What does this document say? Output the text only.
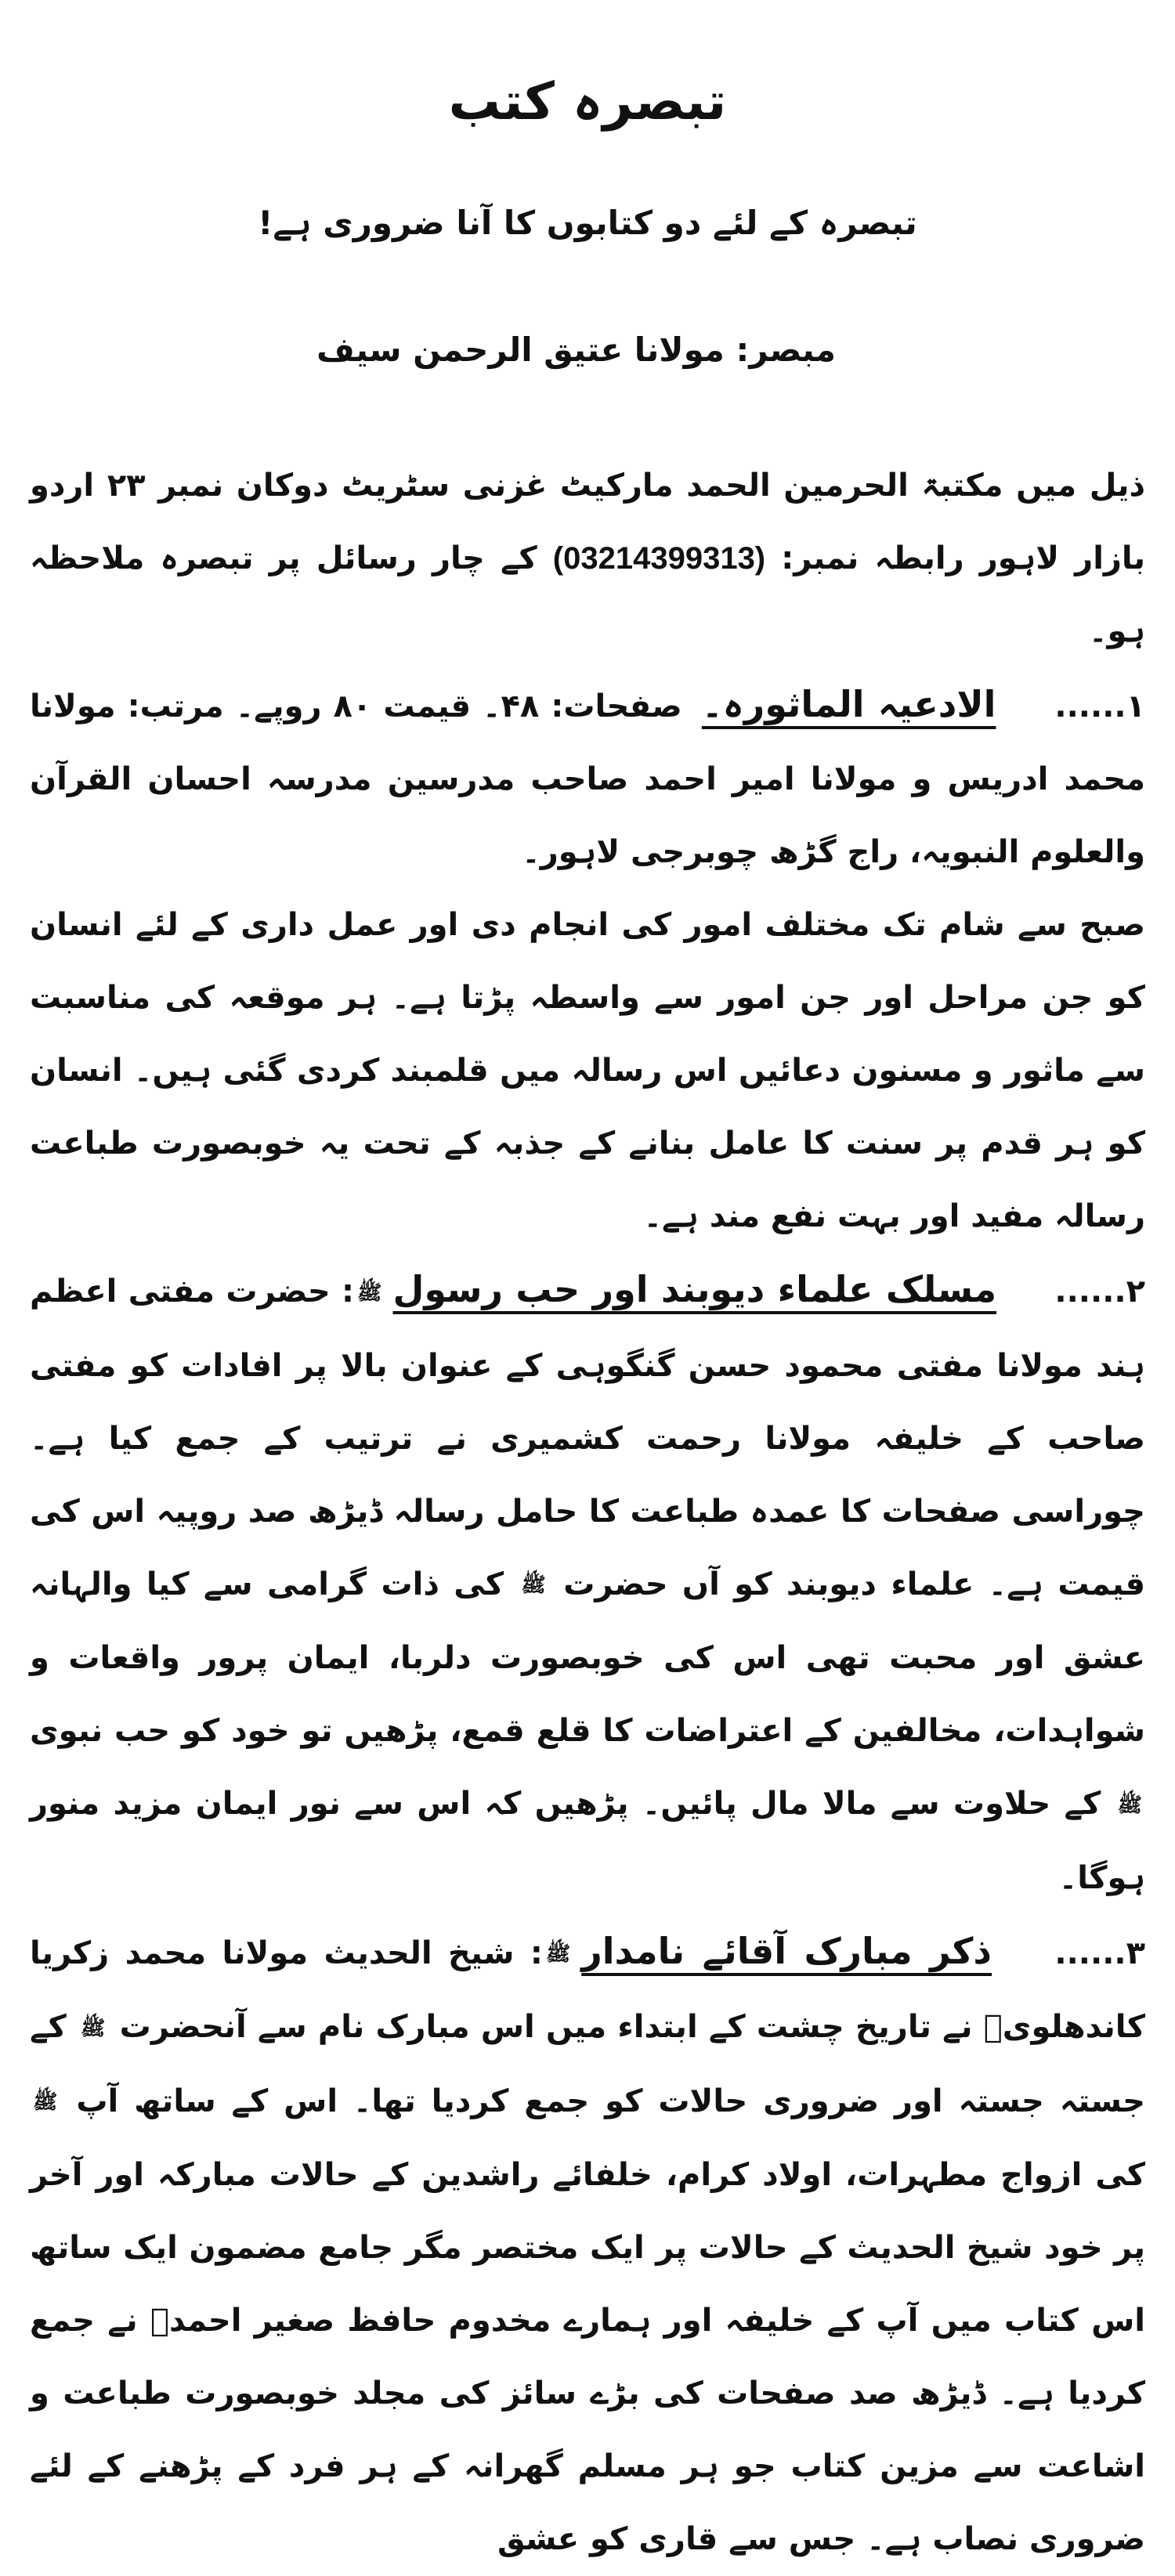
تبصرہ کتب
تبصرہ کے لئے دو کتابوں کا آنا ضروری ہے!
مبصر: مولانا عتیق الرحمن سیف

ذیل میں مکتبۃ الحرمین الحمد مارکیٹ غزنی سٹریٹ دوکان نمبر ۲۳ اردو بازار لاہور رابطہ نمبر: (03214399313) کے چار رسائل پر تبصرہ ملاحظہ ہو۔

۱...... الادعیہ الماثورہ۔ صفحات: ۴۸۔ قیمت ۸۰ روپے۔ مرتب: مولانا محمد ادریس و مولانا امیر احمد صاحب مدرسین مدرسہ احسان القرآن والعلوم النبویہ، راج گڑھ چوبرجی لاہور۔

صبح سے شام تک مختلف امور کی انجام دی اور عمل داری کے لئے انسان کو جن مراحل اور جن امور سے واسطہ پڑتا ہے۔ ہر موقعہ کی مناسبت سے ماثور و مسنون دعائیں اس رسالہ میں قلمبند کردی گئی ہیں۔ انسان کو ہر قدم پر سنت کا عامل بنانے کے جذبہ کے تحت یہ خوبصورت طباعت رسالہ مفید اور بہت نفع مند ہے۔

۲...... مسلک علماء دیوبند اور حب رسولﷺ: حضرت مفتی اعظم ہند مولانا مفتی محمود حسن گنگوہی کے عنوان بالا پر افادات کو مفتی صاحب کے خلیفہ مولانا رحمت کشمیری نے ترتیب کے جمع کیا ہے۔ چوراسی صفحات کا عمدہ طباعت کا حامل رسالہ ڈیڑھ صد روپیہ اس کی قیمت ہے۔ علماء دیوبند کو آں حضرت ﷺ کی ذات گرامی سے کیا والہانہ عشق اور محبت تھی اس کی خوبصورت دلربا، ایمان پرور واقعات و شواہدات، مخالفین کے اعتراضات کا قلع قمع، پڑھیں تو خود کو حب نبوی ﷺ کے حلاوت سے مالا مال پائیں۔ پڑھیں کہ اس سے نور ایمان مزید منور ہوگا۔

۳...... ذکر مبارک آقائے نامدارﷺ: شیخ الحدیث مولانا محمد زکریا کاندھلویؒ نے تاریخ چشت کے ابتداء میں اس مبارک نام سے آنحضرت ﷺ کے جستہ جستہ اور ضروری حالات کو جمع کردیا تھا۔ اس کے ساتھ آپ ﷺ کی ازواج مطہرات، اولاد کرام، خلفائے راشدین کے حالات مبارکہ اور آخر پر خود شیخ الحدیث کے حالات پر ایک مختصر مگر جامع مضمون ایک ساتھ اس کتاب میں آپ کے خلیفہ اور ہمارے مخدوم حافظ صغیر احمدؒ نے جمع کردیا ہے۔ ڈیڑھ صد صفحات کی بڑے سائز کی مجلد خوبصورت طباعت و اشاعت سے مزین کتاب جو ہر مسلم گھرانہ کے ہر فرد کے پڑھنے کے لئے ضروری نصاب ہے۔ جس سے قاری کو عشق
